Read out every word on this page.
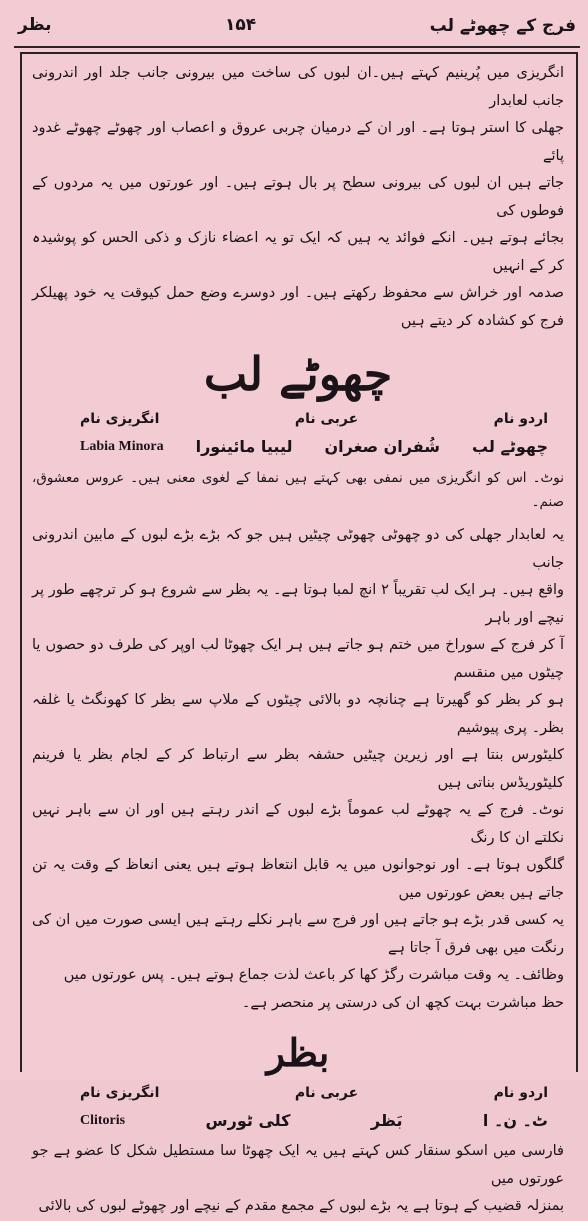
فرج کے چھوٹے لب
۱۵۴
بظر

انگریزی میں پُرینیم کہتے ہیں۔ان لبوں کی ساخت میں بیرونی جانب جلد اور اندرونی جانب لعابدار

جھلی کا استر ہوتا ہے۔ اور ان کے درمیان چربی عروق و اعصاب اور چھوٹے چھوٹے غدود پائے

جاتے ہیں ان لبوں کی بیرونی سطح پر بال ہوتے ہیں۔ اور عورتوں میں یہ مردوں کے فوطوں کی

بجائے ہوتے ہیں۔ انکے فوائد یہ ہیں کہ ایک تو یہ اعضاء نازک و ذکی الحس کو پوشیدہ کر کے انہیں

صدمہ اور خراش سے محفوظ رکھتے ہیں۔ اور دوسرے وضع حمل کیوقت یہ خود پھیلکر فرج کو کشادہ کر دیتے ہیں

چھوٹے لب
اردو نام
عربی نام
انگریزی نام
چھوٹے لب
شُفران صغران
لیبیا مائینورا
Labia Minora

نوٹ۔ اس کو انگریزی میں نمفی بھی کہتے ہیں نمفا کے لغوی معنی ہیں۔ عروس معشوق، صنم۔

یہ لعابدار جھلی کی دو چھوٹی چھوٹی چیٹیں ہیں جو کہ بڑے بڑے لبوں کے مابین اندرونی جانب

واقع ہیں۔ ہر ایک لب تقریباً ۲ انچ لمبا ہوتا ہے۔ یہ بظر سے شروع ہو کر ترچھے طور پر نیچے اور باہر

آ کر فرج کے سوراخ میں ختم ہو جاتے ہیں ہر ایک چھوٹا لب اوپر کی طرف دو حصوں یا چیٹوں میں منقسم

ہو کر بظر کو گھیرتا ہے چنانچہ دو بالائی چیٹوں کے ملاپ سے بظر کا کھونگٹ یا غلفہ بظر۔ پری پیوشیم

کلیٹورس بنتا ہے اور زیرین چیٹیں حشفہ بظر سے ارتباط کر کے لجام بظر یا فرینم کلیٹوریڈس بناتی ہیں

نوٹ۔ فرج کے یہ چھوٹے لب عموماً بڑے لبوں کے اندر رہتے ہیں اور ان سے باہر نہیں نکلتے ان کا رنگ

گلگوں ہوتا ہے۔ اور نوجوانوں میں یہ قابل انتعاظ ہوتے ہیں یعنی انعاظ کے وقت یہ تن جاتے ہیں بعض عورتوں میں

یہ کسی قدر بڑے ہو جاتے ہیں اور فرج سے باہر نکلے رہتے ہیں ایسی صورت میں ان کی رنگت میں بھی فرق آ جاتا ہے

وظائف۔ یہ وقت مباشرت رگڑ کھا کر باعث لذت جماع ہوتے ہیں۔ پس عورتوں میں

حظ مباشرت بہت کچھ ان کی درستی پر منحصر ہے۔

بظر
اردو نام
عربی نام
انگریزی نام
ٹ۔ ن۔ ا
بَظر
کلی ٹورس
Clitoris

فارسی میں اسکو سنقار کس کہتے ہیں یہ ایک چھوٹا سا مستطیل شکل کا عضو ہے جو عورتوں میں

بمنزلہ قضیب کے ہوتا ہے یہ بڑے لبوں کے مجمع مقدم کے نیچے اور چھوٹے لبوں کی بالائی
